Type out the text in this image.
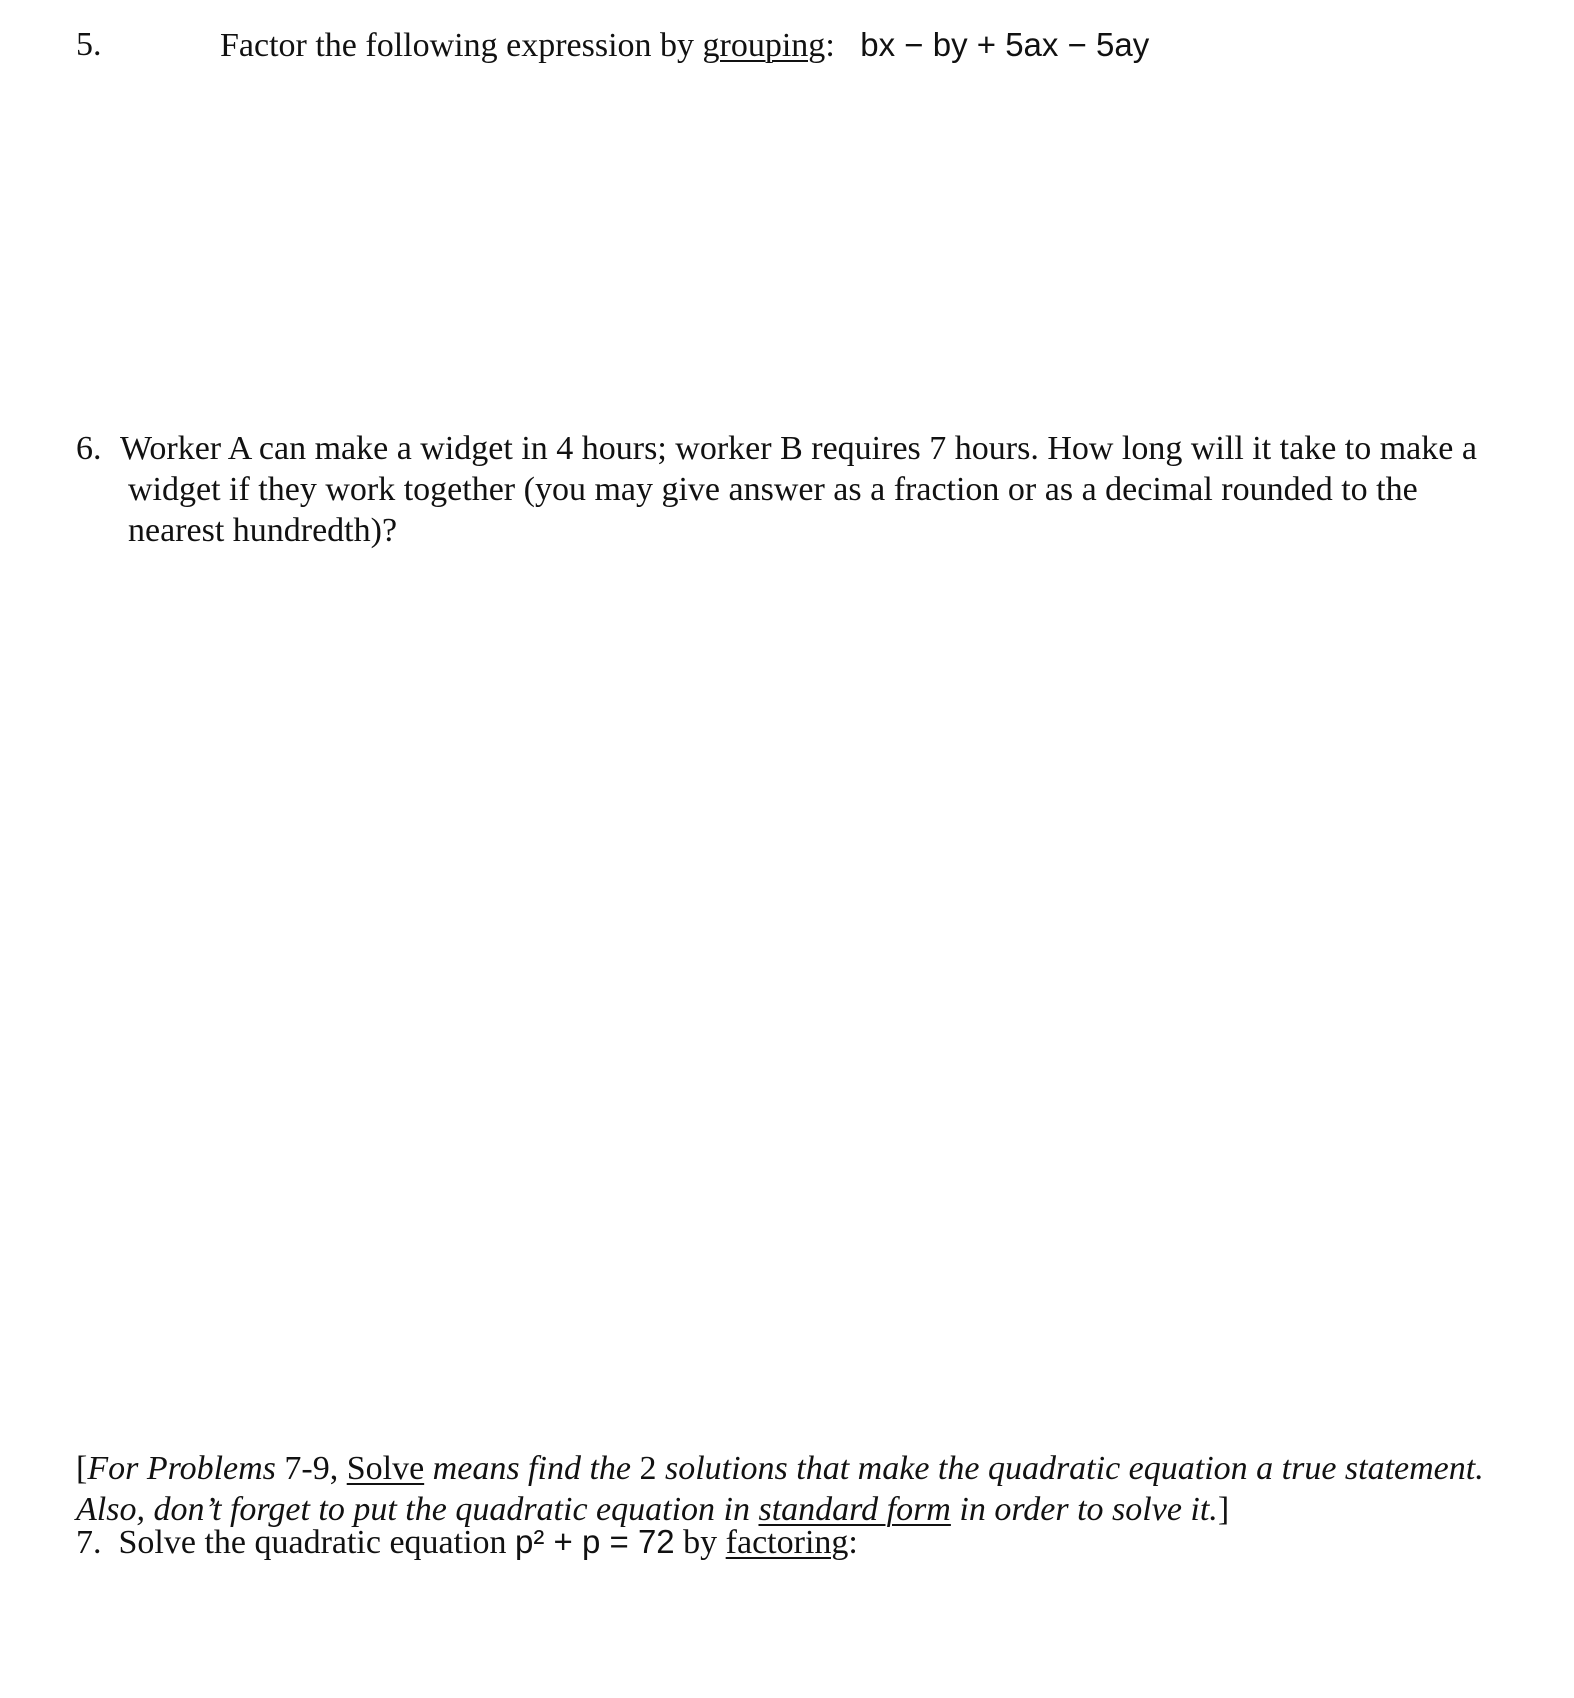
5.	Factor the following expression by grouping: bx − by + 5ax − 5ay
6. Worker A can make a widget in 4 hours; worker B requires 7 hours. How long will it take to make a
widget if they work together (you may give answer as a fraction or as a decimal rounded to the
nearest hundredth)?
[For Problems 7-9, Solve means find the 2 solutions that make the quadratic equation a true statement.
Also, don’t forget to put the quadratic equation in standard form in order to solve it.]
7. Solve the quadratic equation p² + p = 72 by factoring:
